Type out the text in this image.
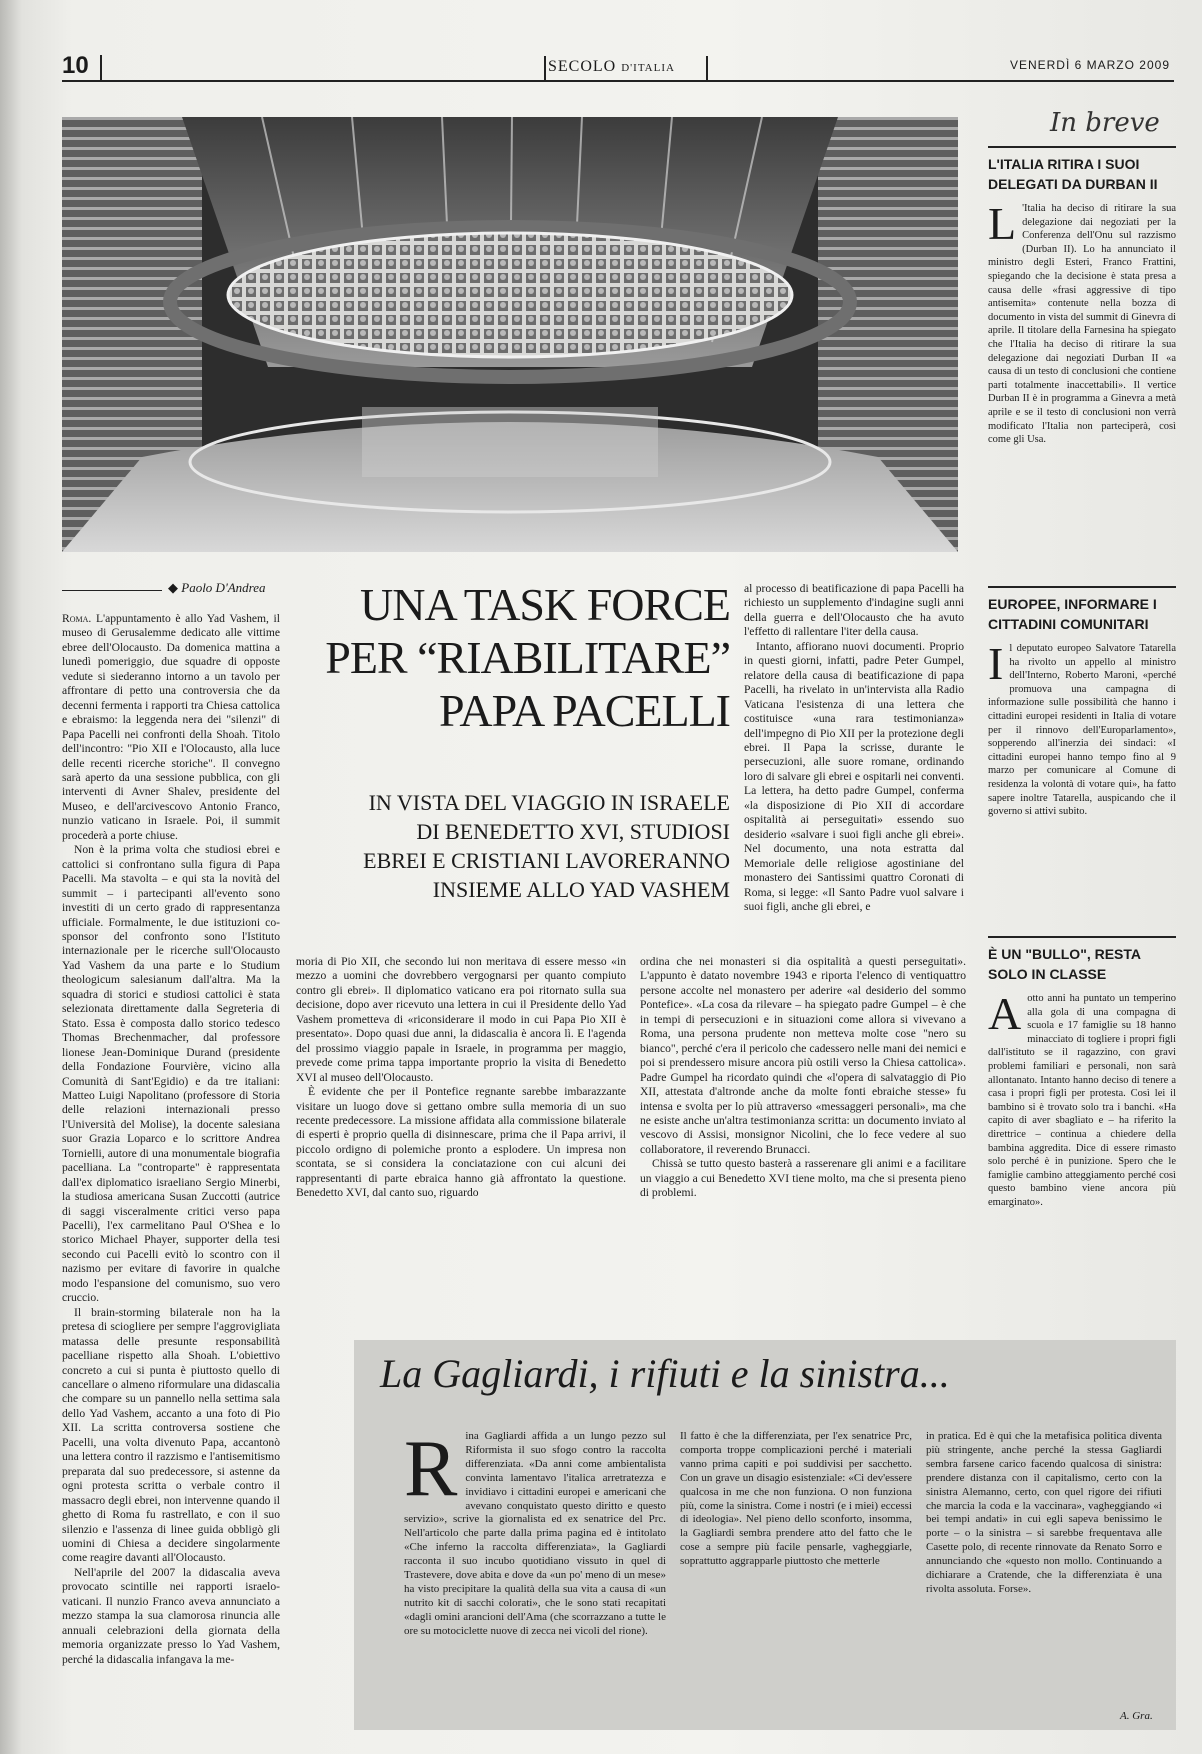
10	SECOLO D'ITALIA	VENERDÌ 6 MARZO 2009
In breve
L'ITALIA RITIRA I SUOI DELEGATI DA DURBAN II
L 'Italia ha deciso di ritirare la sua delegazione dai negoziati per la Conferenza dell'Onu sul razzismo (Durban II). Lo ha annunciato il ministro degli Esteri, Franco Frattini, spiegando che la decisione è stata presa a causa delle «frasi aggressive di tipo antisemita» contenute nella bozza di documento in vista del summit di Ginevra di aprile. Il titolare della Farnesina ha spiegato che l'Italia ha deciso di ritirare la sua delegazione dai negoziati Durban II «a causa di un testo di conclusioni che contiene parti totalmente inaccettabili». Il vertice Durban II è in programma a Ginevra a metà aprile e se il testo di conclusioni non verrà modificato l'Italia non parteciperà, così come gli Usa.
EUROPEE, INFORMARE I CITTADINI COMUNITARI
Il deputato europeo Salvatore Tatarella ha rivolto un appello al ministro dell'Interno, Roberto Maroni, «perché promuova una campagna di informazione sulle possibilità che hanno i cittadini europei residenti in Italia di votare per il rinnovo dell'Europarlamento», sopperendo all'inerzia dei sindaci: «I cittadini europei hanno tempo fino al 9 marzo per comunicare al Comune di residenza la volontà di votare qui», ha fatto sapere inoltre Tatarella, auspicando che il governo si attivi subito.
È UN "BULLO", RESTA SOLO IN CLASSE
Aotto anni ha puntato un temperino alla gola di una compagna di scuola e 17 famiglie su 18 hanno minacciato di togliere i propri figli dall'istituto se il ragazzino, con gravi problemi familiari e personali, non sarà allontanato. Intanto hanno deciso di tenere a casa i propri figli per protesta. Così lei il bambino si è trovato solo tra i banchi. «Ha capito di aver sbagliato e – ha riferito la direttrice – continua a chiedere della bambina aggredita. Dice di essere rimasto solo perché è in punizione. Spero che le famiglie cambino atteggiamento perché così questo bambino viene ancora più emarginato».
◆ Paolo D'Andrea	UNA TASK FORCE
PER “RIABILITARE”
PAPA PACELLI
IN VISTA DEL VIAGGIO IN ISRAELE
DI BENEDETTO XVI, STUDIOSI
EBREI E CRISTIANI LAVORERANNO
INSIEME ALLO YAD VASHEM

Roma. L'appuntamento è allo Yad Vashem, il museo di Gerusalemme dedicato alle vittime ebree dell'Olocausto. Da domenica mattina a lunedì pomeriggio, due squadre di opposte vedute si siederanno intorno a un tavolo per affrontare di petto una controversia che da decenni fermenta i rapporti tra Chiesa cattolica e ebraismo: la leggenda nera dei "silenzi" di Papa Pacelli nei confronti della Shoah. Titolo dell'incontro: "Pio XII e l'Olocausto, alla luce delle recenti ricerche storiche". Il convegno sarà aperto da una sessione pubblica, con gli interventi di Avner Shalev, presidente del Museo, e dell'arcivescovo Antonio Franco, nunzio vaticano in Israele. Poi, il summit procederà a porte chiuse.

Non è la prima volta che studiosi ebrei e cattolici si confrontano sulla figura di Papa Pacelli. Ma stavolta – e qui sta la novità del summit – i partecipanti all'evento sono investiti di un certo grado di rappresentanza ufficiale. Formalmente, le due istituzioni co-sponsor del confronto sono l'Istituto internazionale per le ricerche sull'Olocausto Yad Vashem da una parte e lo Studium theologicum salesianum dall'altra. Ma la squadra di storici e studiosi cattolici è stata selezionata direttamente dalla Segreteria di Stato. Essa è composta dallo storico tedesco Thomas Brechenmacher, dal professore lionese Jean-Dominique Durand (presidente della Fondazione Fourvière, vicino alla Comunità di Sant'Egidio) e da tre italiani: Matteo Luigi Napolitano (professore di Storia delle relazioni internazionali presso l'Università del Molise), la docente salesiana suor Grazia Loparco e lo scrittore Andrea Tornielli, autore di una monumentale biografia pacelliana. La "controparte" è rappresentata dall'ex diplomatico israeliano Sergio Minerbi, la studiosa americana Susan Zuccotti (autrice di saggi visceralmente critici verso papa Pacelli), l'ex carmelitano Paul O'Shea e lo storico Michael Phayer, supporter della tesi secondo cui Pacelli evitò lo scontro con il nazismo per evitare di favorire in qualche modo l'espansione del comunismo, suo vero cruccio.

Il brain-storming bilaterale non ha la pretesa di sciogliere per sempre l'aggrovigliata matassa delle presunte responsabilità pacelliane rispetto alla Shoah. L'obiettivo concreto a cui si punta è piuttosto quello di cancellare o almeno riformulare una didascalia che compare su un pannello nella settima sala dello Yad Vashem, accanto a una foto di Pio XII. La scritta controversa sostiene che Pacelli, una volta divenuto Papa, accantonò una lettera contro il razzismo e l'antisemitismo preparata dal suo predecessore, si astenne da ogni protesta scritta o verbale contro il massacro degli ebrei, non intervenne quando il ghetto di Roma fu rastrellato, e con il suo silenzio e l'assenza di linee guida obbligò gli uomini di Chiesa a decidere singolarmente come reagire davanti all'Olocausto.

Nell'aprile del 2007 la didascalia aveva provocato scintille nei rapporti israelo-vaticani. Il nunzio Franco aveva annunciato a mezzo stampa la sua clamorosa rinuncia alle annuali celebrazioni della giornata della memoria organizzate presso lo Yad Vashem, perché la didascalia infangava la me-

moria di Pio XII, che secondo lui non meritava di essere messo «in mezzo a uomini che dovrebbero vergognarsi per quanto compiuto contro gli ebrei». Il diplomatico vaticano era poi ritornato sulla sua decisione, dopo aver ricevuto una lettera in cui il Presidente dello Yad Vashem prometteva di «riconsiderare il modo in cui Papa Pio XII è presentato». Dopo quasi due anni, la didascalia è ancora lì. E l'agenda del prossimo viaggio papale in Israele, in programma per maggio, prevede come prima tappa importante proprio la visita di Benedetto XVI al museo dell'Olocausto.

È evidente che per il Pontefice regnante sarebbe imbarazzante visitare un luogo dove si gettano ombre sulla memoria di un suo recente predecessore. La missione affidata alla commissione bilaterale di esperti è proprio quella di disinnescare, prima che il Papa arrivi, il piccolo ordigno di polemiche pronto a esplodere. Un impresa non scontata, se si considera la conciatazione con cui alcuni dei rappresentanti di parte ebraica hanno già affrontato la questione. Benedetto XVI, dal canto suo, riguardo

al processo di beatificazione di papa Pacelli ha richiesto un supplemento d'indagine sugli anni della guerra e dell'Olocausto che ha avuto l'effetto di rallentare l'iter della causa.

Intanto, affiorano nuovi documenti. Proprio in questi giorni, infatti, padre Peter Gumpel, relatore della causa di beatificazione di papa Pacelli, ha rivelato in un'intervista alla Radio Vaticana l'esistenza di una lettera che costituisce «una rara testimonianza» dell'impegno di Pio XII per la protezione degli ebrei. Il Papa la scrisse, durante le persecuzioni, alle suore romane, ordinando loro di salvare gli ebrei e ospitarli nei conventi. La lettera, ha detto padre Gumpel, conferma «la disposizione di Pio XII di accordare ospitalità ai perseguitati» essendo suo desiderio «salvare i suoi figli anche gli ebrei». Nel documento, una nota estratta dal Memoriale delle religiose agostiniane del monastero dei Santissimi quattro Coronati di Roma, si legge: «Il Santo Padre vuol salvare i suoi figli, anche gli ebrei, e

ordina che nei monasteri si dia ospitalità a questi perseguitati». L'appunto è datato novembre 1943 e riporta l'elenco di ventiquattro persone accolte nel monastero per aderire «al desiderio del sommo Pontefice». «La cosa da rilevare – ha spiegato padre Gumpel – è che in tempi di persecuzioni e in situazioni come allora si vivevano a Roma, una persona prudente non metteva molte cose "nero su bianco", perché c'era il pericolo che cadessero nelle mani dei nemici e poi si prendessero misure ancora più ostili verso la Chiesa cattolica». Padre Gumpel ha ricordato quindi che «l'opera di salvataggio di Pio XII, attestata d'altronde anche da molte fonti ebraiche stesse» fu intensa e svolta per lo più attraverso «messaggeri personali», ma che ne esiste anche un'altra testimonianza scritta: un documento inviato al vescovo di Assisi, monsignor Nicolini, che lo fece vedere al suo collaboratore, il reverendo Brunacci.

Chissà se tutto questo basterà a rasserenare gli animi e a facilitare un viaggio a cui Benedetto XVI tiene molto, ma che si presenta pieno di problemi.

La Gagliardi, i rifiuti e la sinistra...

Rina Gagliardi affida a un lungo pezzo sul Riformista il suo sfogo contro la raccolta differenziata. «Da anni come ambientalista convinta lamentavo l'italica arretratezza e invidiavo i cittadini europei e americani che avevano conquistato questo diritto e questo servizio», scrive la giornalista ed ex senatrice del Prc. Nell'articolo che parte dalla prima pagina ed è intitolato «Che inferno la raccolta differenziata», la Gagliardi racconta il suo incubo quotidiano vissuto in quel di Trastevere, dove abita e dove da «un po' meno di un mese» ha visto precipitare la qualità della sua vita a causa di «un nutrito kit di sacchi colorati», che le sono stati recapitati «dagli omini arancioni dell'Ama (che scorrazzano a tutte le ore su motociclette nuove di zecca nei vicoli del rione).

Il fatto è che la differenziata, per l'ex senatrice Prc, comporta troppe complicazioni perché i materiali vanno prima capiti e poi suddivisi per sacchetto. Con un grave un disagio esistenziale: «Ci dev'essere qualcosa in me che non funziona. O non funziona più, come la sinistra. Come i nostri (e i miei) eccessi di ideologia». Nel pieno dello sconforto, insomma, la Gagliardi sembra prendere atto del fatto che le cose a sempre più facile pensarle, vagheggiarle, soprattutto aggrapparle piuttosto che metterle

in pratica. Ed è qui che la metafisica politica diventa più stringente, anche perché la stessa Gagliardi sembra farsene carico facendo qualcosa di sinistra: prendere distanza con il capitalismo, certo con la sinistra Alemanno, certo, con quel rigore dei rifiuti che marcia la coda e la vaccinara», vagheggiando «i bei tempi andati» in cui egli sapeva benissimo le porte – o la sinistra – si sarebbe frequentava alle Casette polo, di recente rinnovate da Renato Sorro e annunciando che «questo non mollo. Continuando a dichiarare a Cratende, che la differenziata è una rivolta assoluta. Forse».

A. Gra.
